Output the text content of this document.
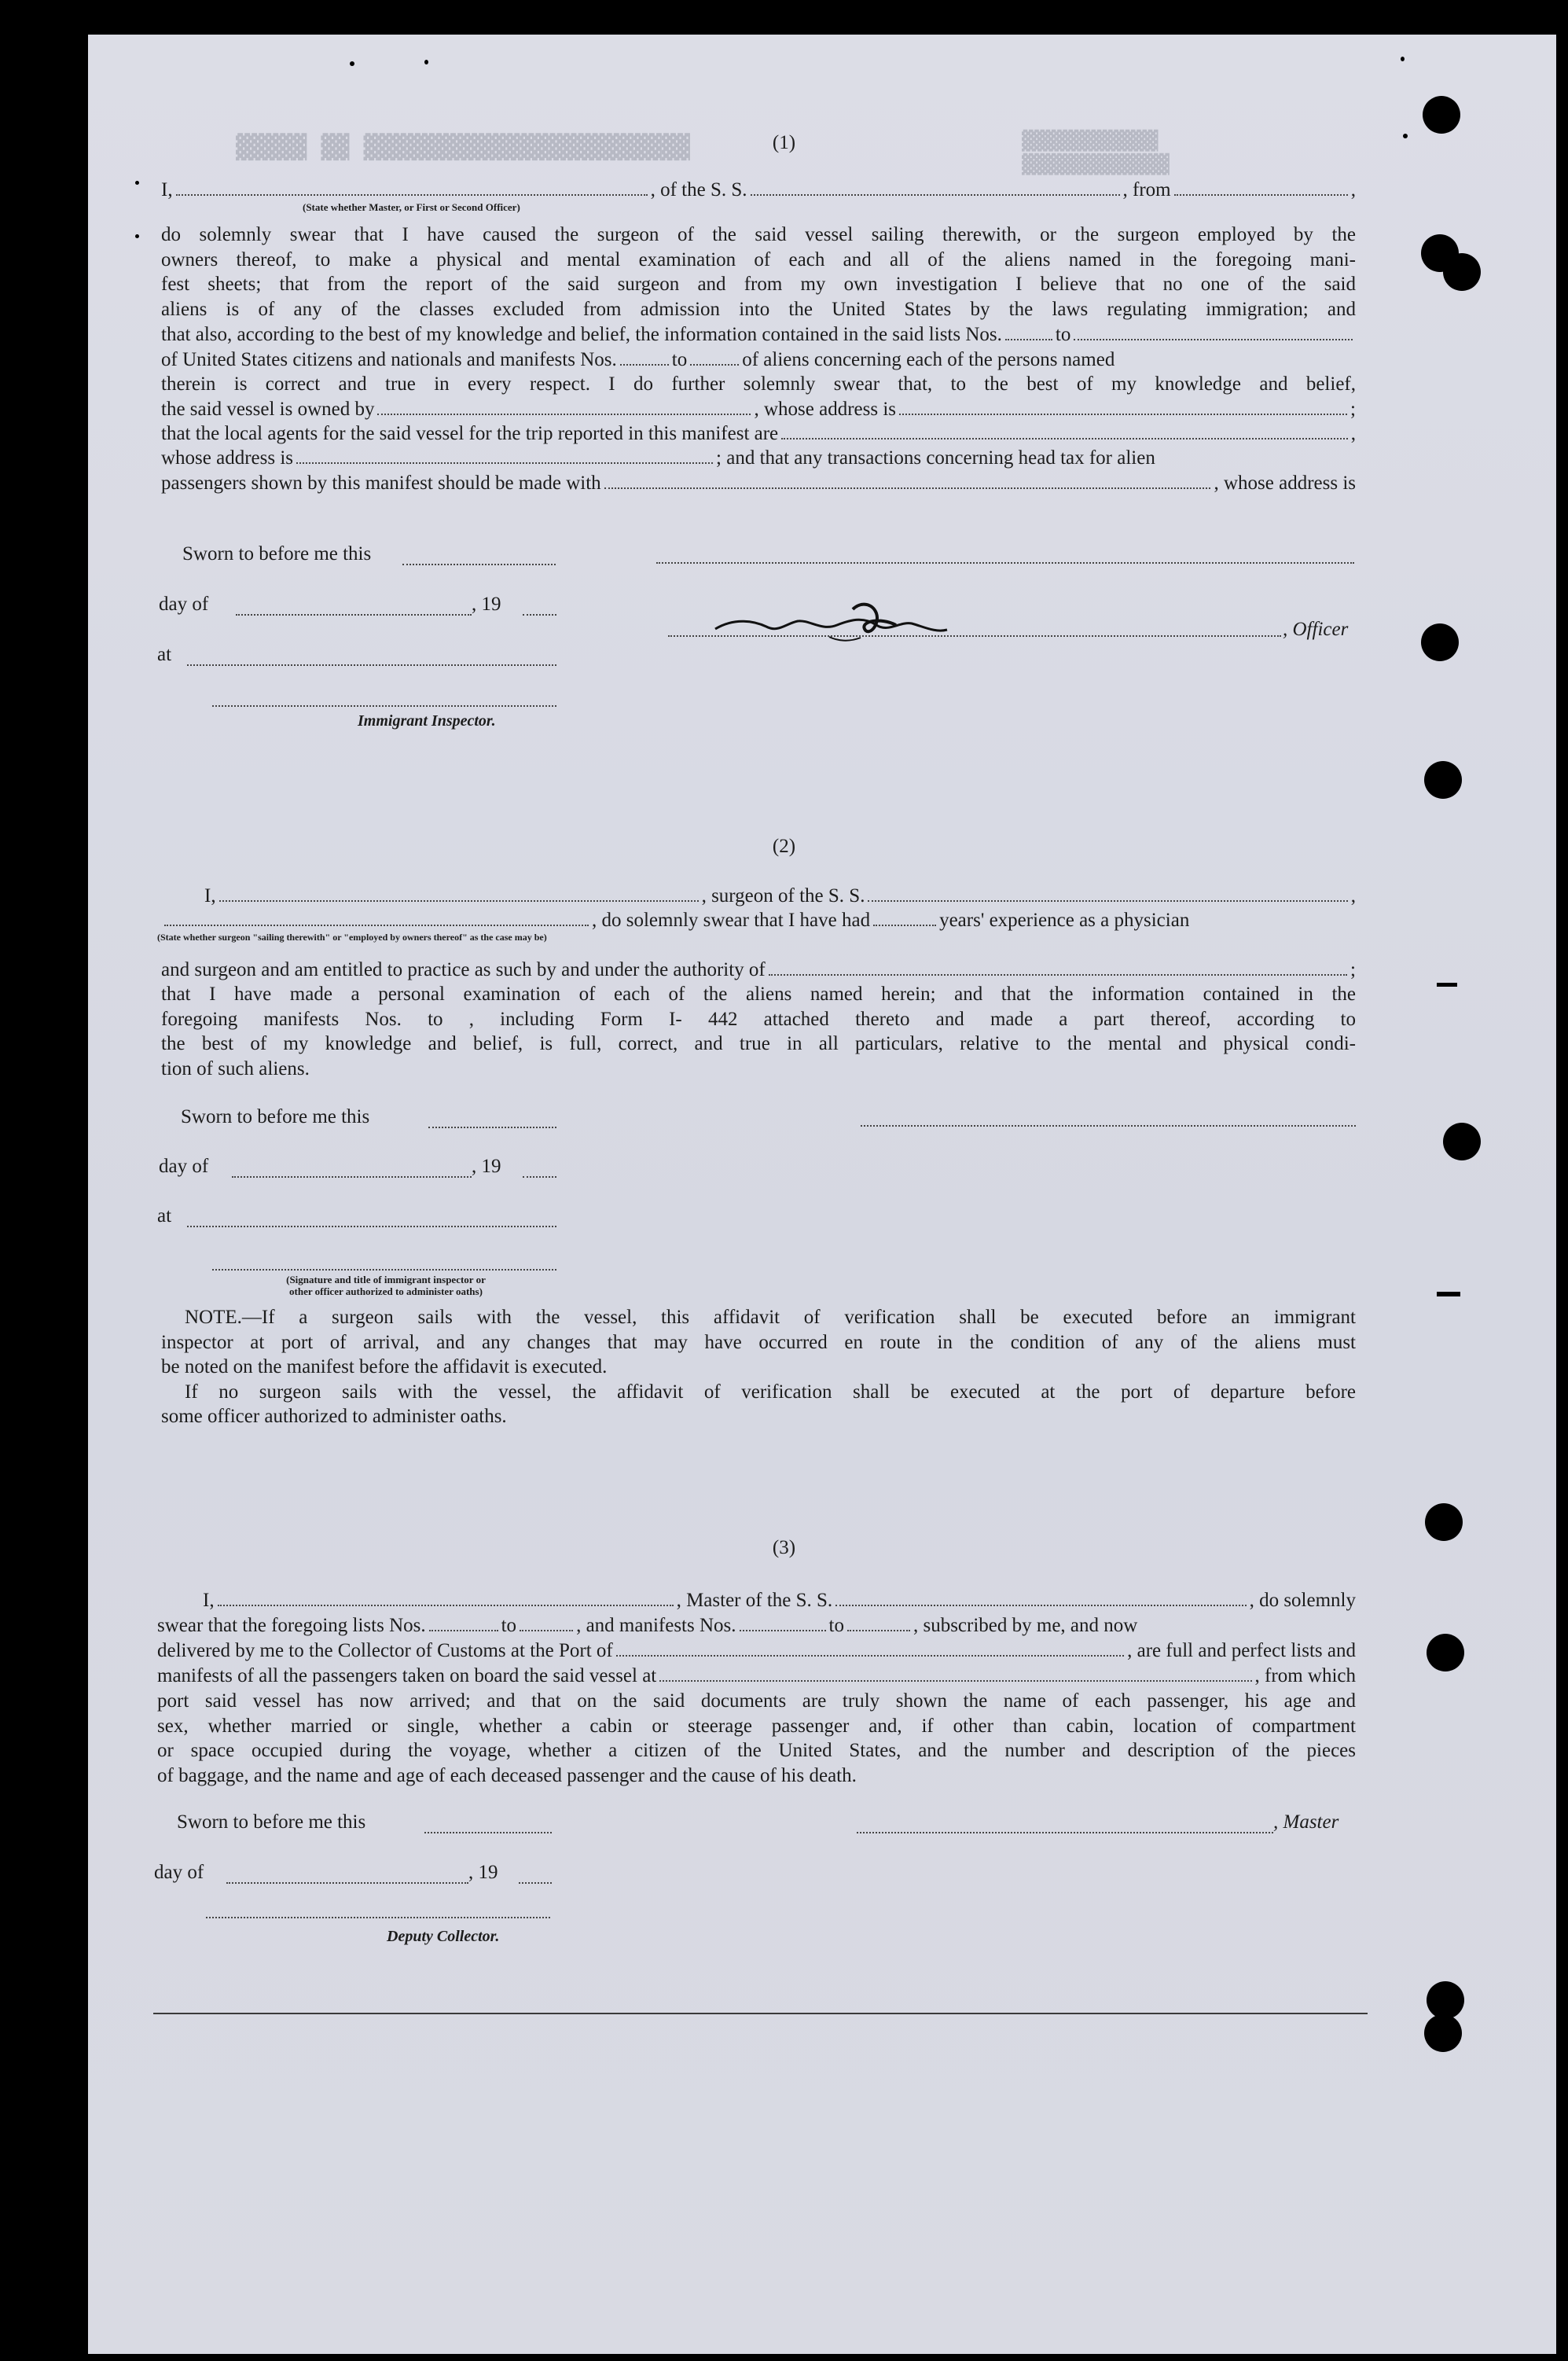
▓▓▓▓▓ ▓▓ ▓▓▓▓▓▓▓▓▓▓▓▓▓▓▓▓▓▓▓▓▓▓▓	▓▓▓▓▓▓▓▓▓▓▓▓
▓▓▓▓▓▓▓▓▓▓▓▓▓
(1)
I,	, of the S. S.	, from	,
(State whether Master, or First or Second Officer)
do solemnly swear that I have caused the surgeon of the said vessel sailing therewith, or the surgeon employed by the
owners thereof, to make a physical and mental examination of each and all of the aliens named in the foregoing mani-
fest sheets; that from the report of the said surgeon and from my own investigation I believe that no one of the said
aliens is of any of the classes excluded from admission into the United States by the laws regulating immigration; and
that also, according to the best of my knowledge and belief, the information contained in the said lists Nos.	to
of United States citizens and nationals and manifests Nos.	to	of aliens concerning each of the persons named
therein is correct and true in every respect. I do further solemnly swear that, to the best of my knowledge and belief,
the said vessel is owned by	, whose address is	;
that the local agents for the said vessel for the trip reported in this manifest are	,
whose address is	; and that any transactions concerning head tax for alien
passengers shown by this manifest should be made with	, whose address is
Sworn to before me this
day of	, 19
, Officer
at
Immigrant Inspector.
(2)
I,	, surgeon of the S. S.	,
, do solemnly swear that I have had	years' experience as a physician
(State whether surgeon "sailing therewith" or "employed by owners thereof" as the case may be)
and surgeon and am entitled to practice as such by and under the authority of	;
that I have made a personal examination of each of the aliens named herein; and that the information contained in the
foregoing manifests Nos. to , including Form I- 442 attached thereto and made a part thereof, according to
the best of my knowledge and belief, is full, correct, and true in all particulars, relative to the mental and physical condi-
tion of such aliens.
Sworn to before me this
day of	, 19
at
(Signature and title of immigrant inspector or
other officer authorized to administer oaths)
NOTE.—If a surgeon sails with the vessel, this affidavit of verification shall be executed before an immigrant
inspector at port of arrival, and any changes that may have occurred en route in the condition of any of the aliens must
be noted on the manifest before the affidavit is executed.
If no surgeon sails with the vessel, the affidavit of verification shall be executed at the port of departure before
some officer authorized to administer oaths.
(3)
I,	, Master of the S. S.	, do solemnly
swear that the foregoing lists Nos.	to	, and manifests Nos.	to	, subscribed by me, and now
delivered by me to the Collector of Customs at the Port of	, are full and perfect lists and
manifests of all the passengers taken on board the said vessel at	, from which
port said vessel has now arrived; and that on the said documents are truly shown the name of each passenger, his age and
sex, whether married or single, whether a cabin or steerage passenger and, if other than cabin, location of compartment
or space occupied during the voyage, whether a citizen of the United States, and the number and description of the pieces
of baggage, and the name and age of each deceased passenger and the cause of his death.
Sworn to before me this	, Master
day of	, 19
Deputy Collector.
